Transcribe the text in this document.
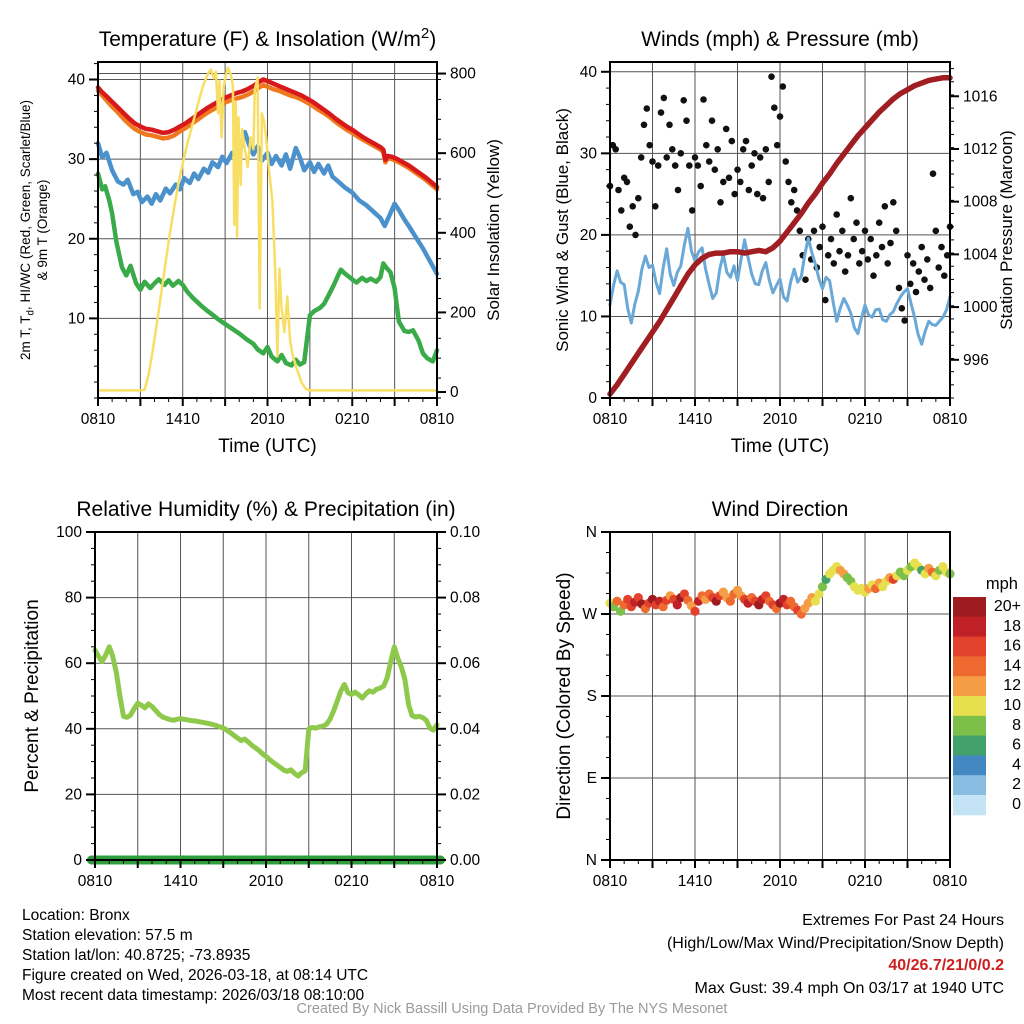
0810	1410	2010	0210	0810
Time (UTC)
10
20
30
40
0
200
400
600
800
Temperature (F) & Insolation $(W/m^2)$
2m T, $T_d$, HI/WC (Red, Green, Scarlet/Blue) & 9m T (Orange)	Solar Insolation (Yellow)
0810	1410	2010	0210	0810
Time (UTC)
0
10
20
30
40
996
1000
1004
1008
1012
1016
Winds (mph) & Pressure (mb)
Sonic Wind & Gust (Blue, Black)	Station Pressure (Maroon)
0810	1410	2010	0210	0810
0
20
40
60
80
100
0.00
0.02
0.04
0.06
0.08
0.10
Relative Humidity (%) & Precipitation (in)
Percent & Precipitation
0810	1410	2010	0210	0810
N
E
S
W
N
Wind Direction
Direction (Colored By Speed)	mph
20+
18
16
14
12
10
8
6
4
2
0
Location: Bronx
Station elevation: 57.5 m
Station lat/lon: 40.8725; -73.8935
Figure created on Wed, 2026-03-18, at 08:14 UTC
Most recent data timestamp: 2026/03/18 08:10:00
Extremes For Past 24 Hours
(High/Low/Max Wind/Precipitation/Snow Depth)
40/26.7/21/0/0.2
Max Gust: 39.4 mph On 03/17 at 1940 UTC
Created By Nick Bassill Using Data Provided By The NYS Mesonet
